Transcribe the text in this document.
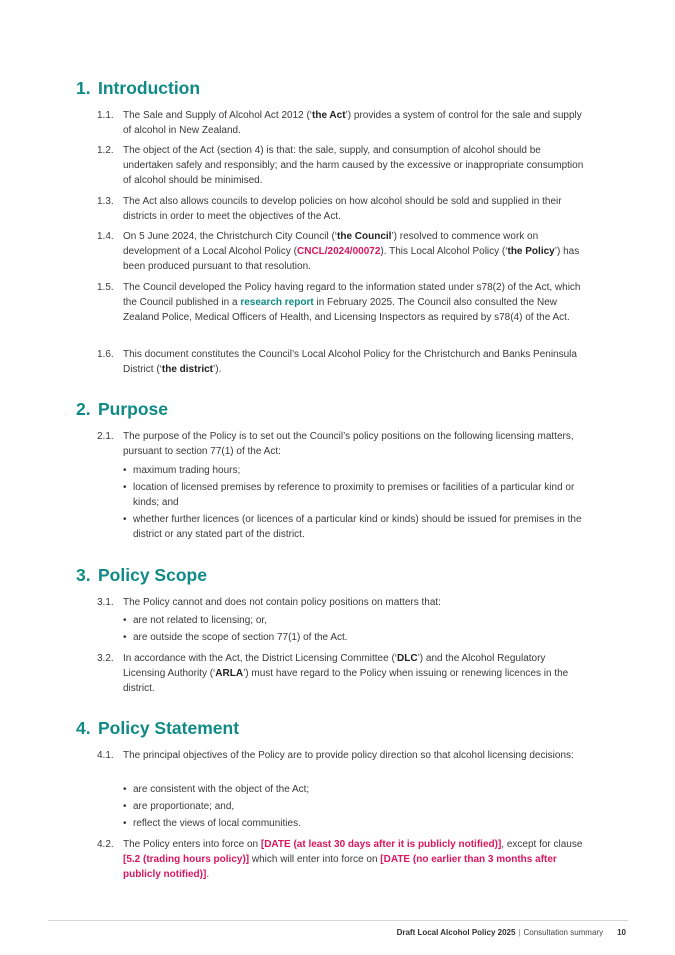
1. Introduction
1.1. The Sale and Supply of Alcohol Act 2012 (‘the Act’) provides a system of control for the sale and supply of alcohol in New Zealand.
1.2. The object of the Act (section 4) is that: the sale, supply, and consumption of alcohol should be undertaken safely and responsibly; and the harm caused by the excessive or inappropriate consumption of alcohol should be minimised.
1.3. The Act also allows councils to develop policies on how alcohol should be sold and supplied in their districts in order to meet the objectives of the Act.
1.4. On 5 June 2024, the Christchurch City Council (‘the Council’) resolved to commence work on development of a Local Alcohol Policy (CNCL/2024/00072). This Local Alcohol Policy (‘the Policy’) has been produced pursuant to that resolution.
1.5. The Council developed the Policy having regard to the information stated under s78(2) of the Act, which the Council published in a research report in February 2025. The Council also consulted the New Zealand Police, Medical Officers of Health, and Licensing Inspectors as required by s78(4) of the Act.
1.6. This document constitutes the Council’s Local Alcohol Policy for the Christchurch and Banks Peninsula District (‘the district’).
2. Purpose
2.1. The purpose of the Policy is to set out the Council’s policy positions on the following licensing matters, pursuant to section 77(1) of the Act:
• maximum trading hours;
• location of licensed premises by reference to proximity to premises or facilities of a particular kind or kinds; and
• whether further licences (or licences of a particular kind or kinds) should be issued for premises in the district or any stated part of the district.
3. Policy Scope
3.1. The Policy cannot and does not contain policy positions on matters that:
• are not related to licensing; or,
• are outside the scope of section 77(1) of the Act.
3.2. In accordance with the Act, the District Licensing Committee (‘DLC’) and the Alcohol Regulatory Licensing Authority (‘ARLA’) must have regard to the Policy when issuing or renewing licences in the district.
4. Policy Statement
4.1. The principal objectives of the Policy are to provide policy direction so that alcohol licensing decisions:
• are consistent with the object of the Act;
• are proportionate; and,
• reflect the views of local communities.
4.2. The Policy enters into force on [DATE (at least 30 days after it is publicly notified)], except for clause [5.2 (trading hours policy)] which will enter into force on [DATE (no earlier than 3 months after publicly notified)].
Draft Local Alcohol Policy 2025 | Consultation summary 10
